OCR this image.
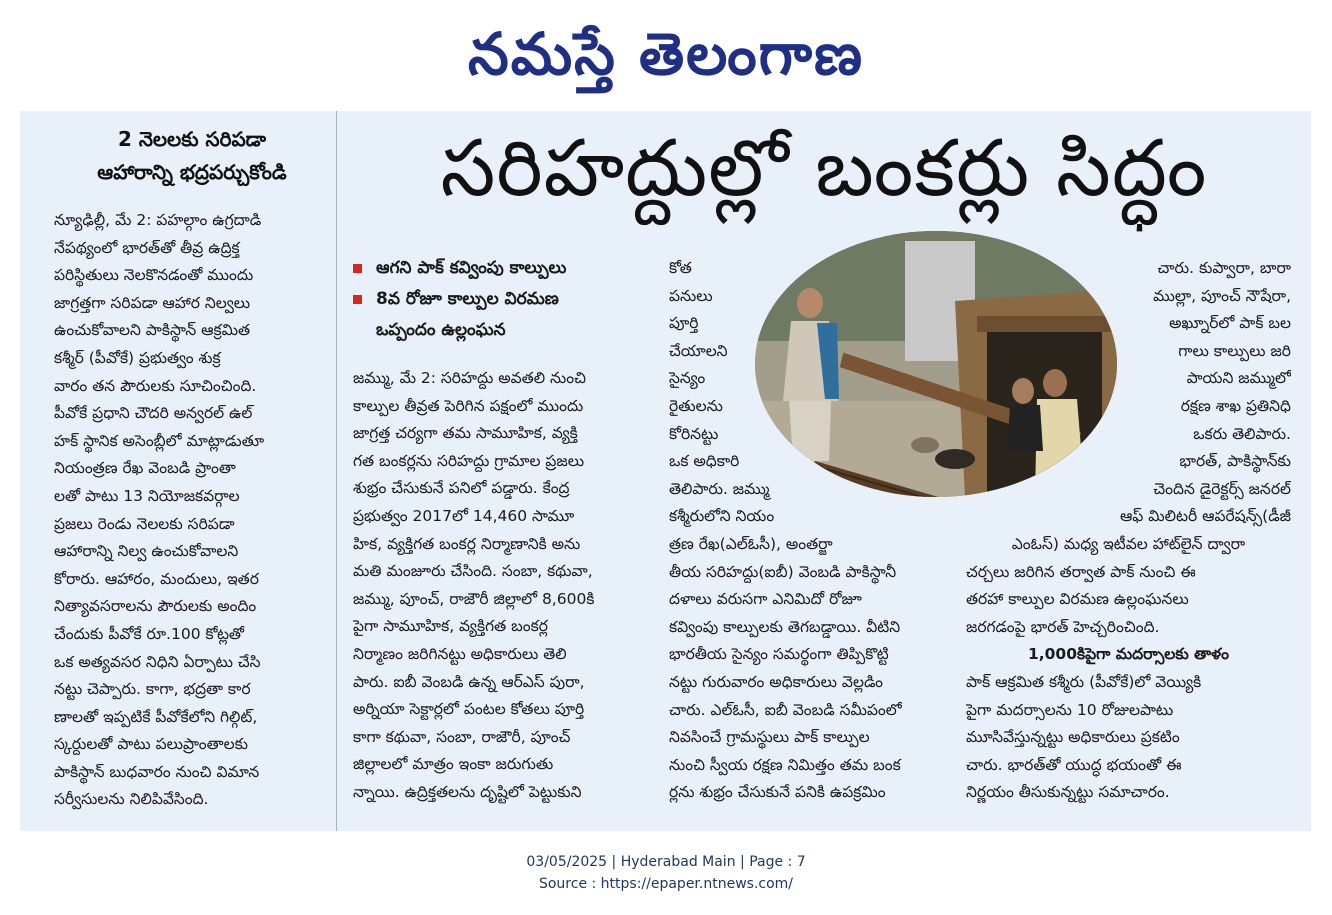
నమస్తే తెలంగాణ
2 నెలలకు సరిపడా
ఆహారాన్ని భద్రపర్చుకోండి
న్యూఢిల్లీ, మే 2: పహల్గాం ఉగ్రదాడి
నేపథ్యంలో భారత్‌తో తీవ్ర ఉద్రిక్త
పరిస్థితులు నెలకొనడంతో ముందు
జాగ్రత్తగా సరిపడా ఆహార నిల్వలు
ఉంచుకోవాలని పాకిస్థాన్ ఆక్రమిత
కశ్మీర్ (పీవోకే) ప్రభుత్వం శుక్ర
వారం తన పౌరులకు సూచించింది.
పీవోకే ప్రధాని చౌదరి అన్వరల్ ఉల్
హక్ స్థానిక అసెంబ్లీలో మాట్లాడుతూ
నియంత్రణ రేఖ వెంబడి ప్రాంతా
లతో పాటు 13 నియోజకవర్గాల
ప్రజలు రెండు నెలలకు సరిపడా
ఆహారాన్ని నిల్వ ఉంచుకోవాలని
కోరారు. ఆహారం, మందులు, ఇతర
నిత్యావసరాలను పౌరులకు అందిం
చేందుకు పీవోకే రూ.100 కోట్లతో
ఒక అత్యవసర నిధిని ఏర్పాటు చేసి
నట్టు చెప్పారు. కాగా, భద్రతా కార
ణాలతో ఇప్పటికే పీవోకేలోని గిల్గిట్,
స్కర్దులతో పాటు పలుప్రాంతాలకు
పాకిస్థాన్ బుధవారం నుంచి విమాన
సర్వీసులను నిలిపివేసింది.
సరిహద్దుల్లో బంకర్లు సిద్ధం
ఆగని పాక్ కవ్వింపు కాల్పులు
8వ రోజూ కాల్పుల విరమణ
ఒప్పందం ఉల్లంఘన
జమ్ము, మే 2: సరిహద్దు అవతలి నుంచి
కాల్పుల తీవ్రత పెరిగిన పక్షంలో ముందు
జాగ్రత్త చర్యగా తమ సామూహిక, వ్యక్తి
గత బంకర్లను సరిహద్దు గ్రామాల ప్రజలు
శుభ్రం చేసుకునే పనిలో పడ్డారు. కేంద్ర
ప్రభుత్వం 2017లో 14,460 సామూ
హిక, వ్యక్తిగత బంకర్ల నిర్మాణానికి అను
మతి మంజూరు చేసింది. సంబా, కథువా,
జమ్ము, పూంచ్, రాజౌరీ జిల్లాలో 8,600కి
పైగా సామూహిక, వ్యక్తిగత బంకర్ల
నిర్మాణం జరిగినట్టు అధికారులు తెలి
పారు. ఐబీ వెంబడి ఉన్న ఆర్ఎస్ పురా,
అర్నియా సెక్టార్లలో పంటల కోతలు పూర్తి
కాగా కథువా, సంబా, రాజౌరీ, పూంచ్
జిల్లాలలో మాత్రం ఇంకా జరుగుతు
న్నాయి. ఉద్రిక్తతలను దృష్టిలో పెట్టుకుని
కోత
పనులు
పూర్తి
చేయాలని
సైన్యం
రైతులను
కోరినట్టు
ఒక అధికారి
తెలిపారు. జమ్ము
కశ్మీరులోని నియం
త్రణ రేఖ(ఎల్ఓసీ), అంతర్జా
తీయ సరిహద్దు(ఐబీ) వెంబడి పాకిస్థానీ
దళాలు వరుసగా ఎనిమిదో రోజూ
కవ్వింపు కాల్పులకు తెగబడ్డాయి. వీటిని
భారతీయ సైన్యం సమర్థంగా తిప్పికొట్టి
నట్టు గురువారం అధికారులు వెల్లడిం
చారు. ఎల్ఓసీ, ఐబీ వెంబడి సమీపంలో
నివసించే గ్రామస్థులు పాక్ కాల్పుల
నుంచి స్వీయ రక్షణ నిమిత్తం తమ బంక
ర్లను శుభ్రం చేసుకునే పనికి ఉపక్రమిం
చారు. కుప్వారా, బారా
ముల్లా, పూంచ్ నౌషేరా,
అఖ్నూర్‌లో పాక్ బల
గాలు కాల్పులు జరి
పాయని జమ్ములో
రక్షణ శాఖ ప్రతినిధి
ఒకరు తెలిపారు.
భారత్, పాకిస్థాన్‌కు
చెందిన డైరెక్టర్స్ జనరల్
ఆఫ్ మిలిటరీ ఆపరేషన్స్(డీజీ
ఎంఓస్) మధ్య ఇటీవల హాట్‌లైన్ ద్వారా
చర్చలు జరిగిన తర్వాత పాక్ నుంచి ఈ
తరహా కాల్పుల విరమణ ఉల్లంఘనలు
జరగడంపై భారత్ హెచ్చరించింది.
1,000కిపైగా మదర్సాలకు తాళం
పాక్ ఆక్రమిత కశ్మీరు (పీవోకే)లో వెయ్యికి
పైగా మదర్సాలను 10 రోజులపాటు
మూసివేస్తున్నట్టు అధికారులు ప్రకటిం
చారు. భారత్‌తో యుద్ధ భయంతో ఈ
నిర్ణయం తీసుకున్నట్టు సమాచారం.
03/05/2025 | Hyderabad Main | Page : 7
Source : https://epaper.ntnews.com/
